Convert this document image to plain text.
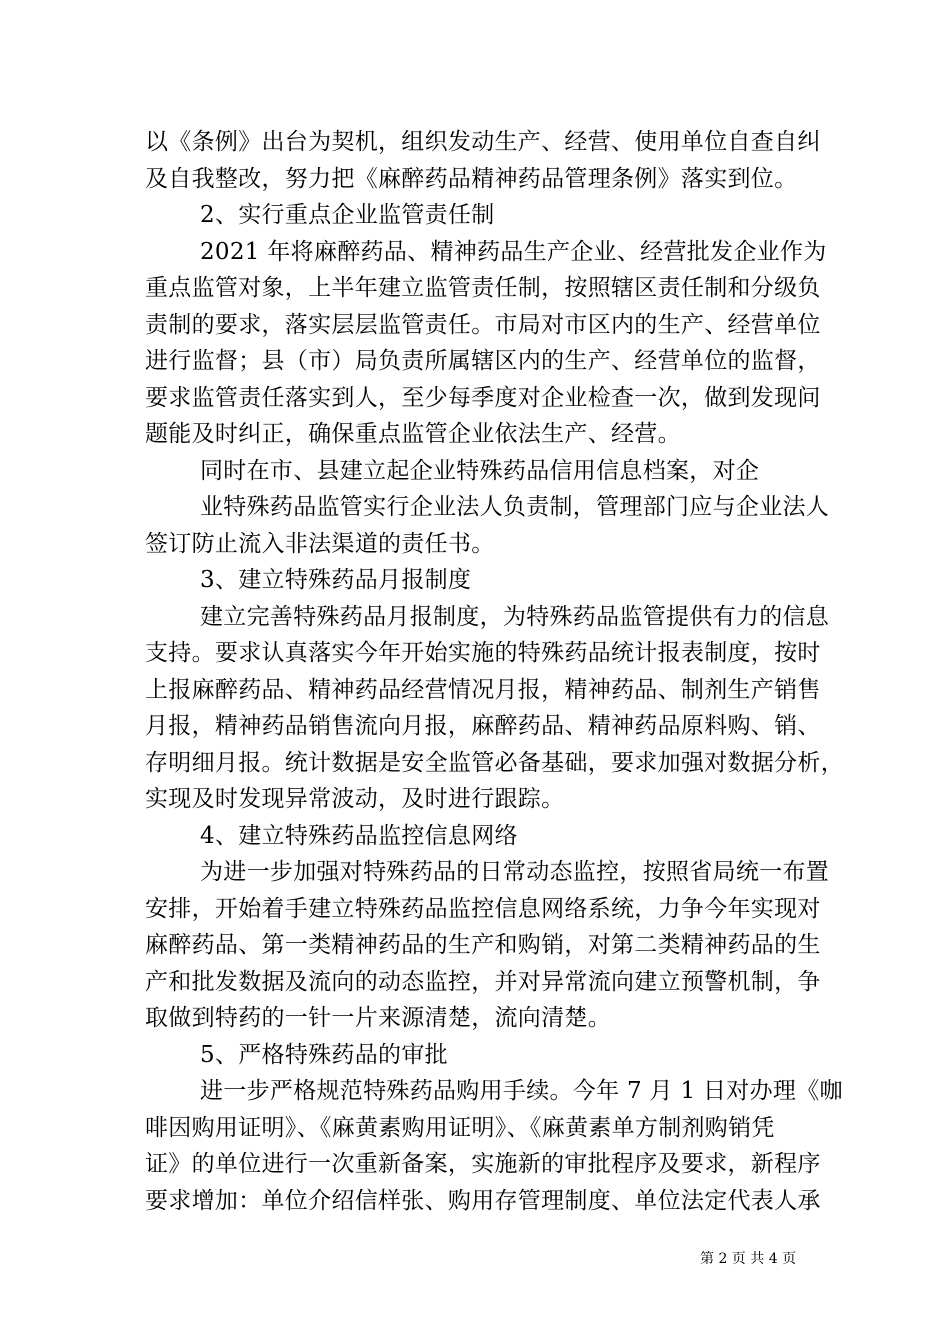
以《条例》出台为契机，组织发动生产、经营、使用单位自查自纠
及自我整改，努力把《麻醉药品精神药品管理条例》落实到位。
2、实行重点企业监管责任制
2021 年将麻醉药品、精神药品生产企业、经营批发企业作为
重点监管对象，上半年建立监管责任制，按照辖区责任制和分级负
责制的要求，落实层层监管责任。市局对市区内的生产、经营单位
进行监督；县（市）局负责所属辖区内的生产、经营单位的监督，
要求监管责任落实到人，至少每季度对企业检查一次，做到发现问
题能及时纠正，确保重点监管企业依法生产、经营。
同时在市、县建立起企业特殊药品信用信息档案，对企
业特殊药品监管实行企业法人负责制，管理部门应与企业法人
签订防止流入非法渠道的责任书。
3、建立特殊药品月报制度
建立完善特殊药品月报制度，为特殊药品监管提供有力的信息
支持。要求认真落实今年开始实施的特殊药品统计报表制度，按时
上报麻醉药品、精神药品经营情况月报，精神药品、制剂生产销售
月报，精神药品销售流向月报，麻醉药品、精神药品原料购、销、
存明细月报。统计数据是安全监管必备基础，要求加强对数据分析，
实现及时发现异常波动，及时进行跟踪。
4、建立特殊药品监控信息网络
为进一步加强对特殊药品的日常动态监控，按照省局统一布置
安排，开始着手建立特殊药品监控信息网络系统，力争今年实现对
麻醉药品、第一类精神药品的生产和购销，对第二类精神药品的生
产和批发数据及流向的动态监控，并对异常流向建立预警机制，争
取做到特药的一针一片来源清楚，流向清楚。
5、严格特殊药品的审批
进一步严格规范特殊药品购用手续。今年 7 月 1 日对办理《咖
啡因购用证明》、《麻黄素购用证明》、《麻黄素单方制剂购销凭
证》的单位进行一次重新备案，实施新的审批程序及要求，新程序
要求增加：单位介绍信样张、购用存管理制度、单位法定代表人承
第 2 页 共 4 页
